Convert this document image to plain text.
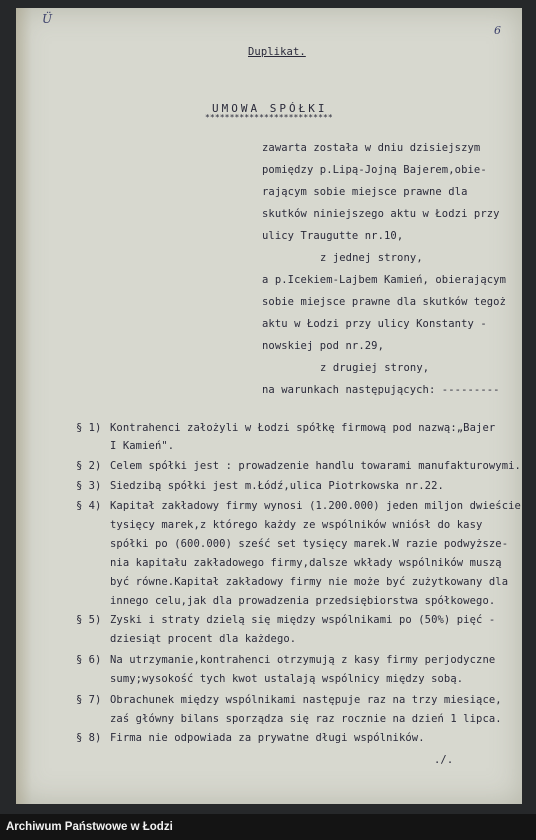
Ü
6
Duplikat.
UMOWA SPÓŁKI
**************************
zawarta została w dniu dzisiejszym
pomiędzy p.Lipą-Jojną Bajerem,obie-
rającym sobie miejsce prawne dla
skutków niniejszego aktu w Łodzi przy
ulicy Traugutte nr.10,
z jednej strony,
a p.Icekiem-Lajbem Kamień, obierającym
sobie miejsce prawne dla skutków tegoż
aktu w Łodzi przy ulicy Konstanty -
nowskiej pod nr.29,
z drugiej strony,
na warunkach następujących: ---------
§ 1)
§ 2)
§ 3)
§ 4)
§ 5)
§ 6)
§ 7)
§ 8)
Kontrahenci założyli w Łodzi spółkę firmową pod nazwą:„Bajer
I Kamień".
Celem spółki jest : prowadzenie handlu towarami manufakturowymi.
Siedzibą spółki jest m.Łódź,ulica Piotrkowska nr.22.
Kapitał zakładowy firmy wynosi (1.200.000) jeden miljon dwieście
tysięcy marek,z którego każdy ze wspólników wniósł do kasy
spółki po (600.000) sześć set tysięcy marek.W razie podwyższe-
nia kapitału zakładowego firmy,dalsze wkłady wspólników muszą
być równe.Kapitał zakładowy firmy nie może być zużytkowany dla
innego celu,jak dla prowadzenia przedsiębiorstwa spółkowego.
Zyski i straty dzielą się między wspólnikami po (50%) pięć -
dziesiąt procent dla każdego.
Na utrzymanie,kontrahenci otrzymują z kasy firmy perjodyczne
sumy;wysokość tych kwot ustalają wspólnicy między sobą.
Obrachunek między wspólnikami następuje raz na trzy miesiące,
zaś główny bilans sporządza się raz rocznie na dzień 1 lipca.
Firma nie odpowiada za prywatne długi wspólników.
./.
Archiwum Państwowe w Łodzi
